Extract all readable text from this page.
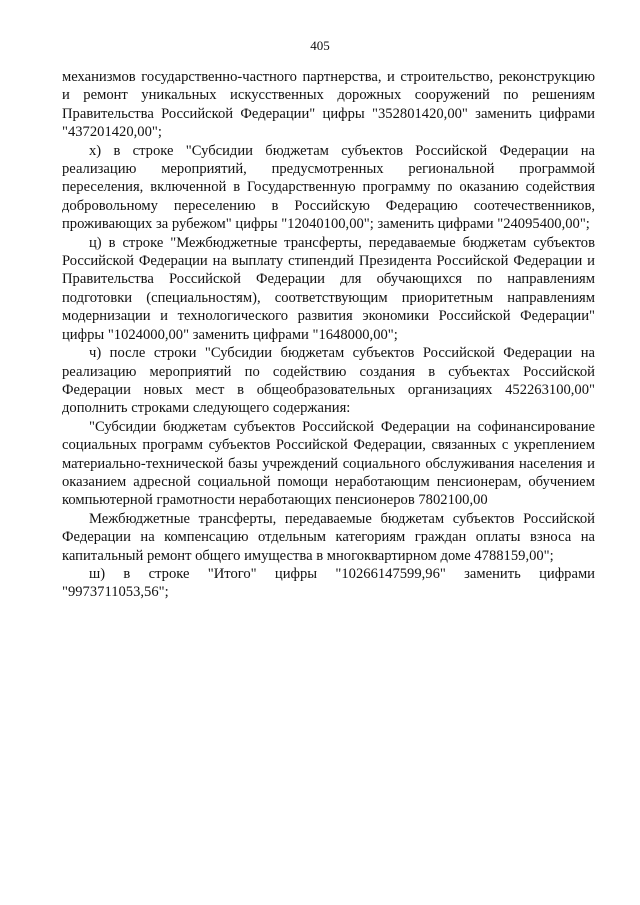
405

механизмов государственно-частного партнерства, и строительство, реконструкцию и ремонт уникальных искусственных дорожных сооружений по решениям Правительства Российской Федерации" цифры "352801420,00" заменить цифрами "437201420,00";

х) в строке "Субсидии бюджетам субъектов Российской Федерации на реализацию мероприятий, предусмотренных региональной программой переселения, включенной в Государственную программу по оказанию содействия добровольному переселению в Российскую Федерацию соотечественников, проживающих за рубежом" цифры "12040100,00"; заменить цифрами "24095400,00";

ц) в строке "Межбюджетные трансферты, передаваемые бюджетам субъектов Российской Федерации на выплату стипендий Президента Российской Федерации и Правительства Российской Федерации для обучающихся по направлениям подготовки (специальностям), соответствующим приоритетным направлениям модернизации и технологического развития экономики Российской Федерации" цифры "1024000,00" заменить цифрами "1648000,00";

ч) после строки "Субсидии бюджетам субъектов Российской Федерации на реализацию мероприятий по содействию создания в субъектах Российской Федерации новых мест в общеобразовательных организациях 452263100,00" дополнить строками следующего содержания:

"Субсидии бюджетам субъектов Российской Федерации на софинансирование социальных программ субъектов Российской Федерации, связанных с укреплением материально-технической базы учреждений социального обслуживания населения и оказанием адресной социальной помощи неработающим пенсионерам, обучением компьютерной грамотности неработающих пенсионеров 7802100,00

Межбюджетные трансферты, передаваемые бюджетам субъектов Российской Федерации на компенсацию отдельным категориям граждан оплаты взноса на капитальный ремонт общего имущества в многоквартирном доме 4788159,00";

ш) в строке "Итого" цифры "10266147599,96" заменить цифрами "9973711053,56";
